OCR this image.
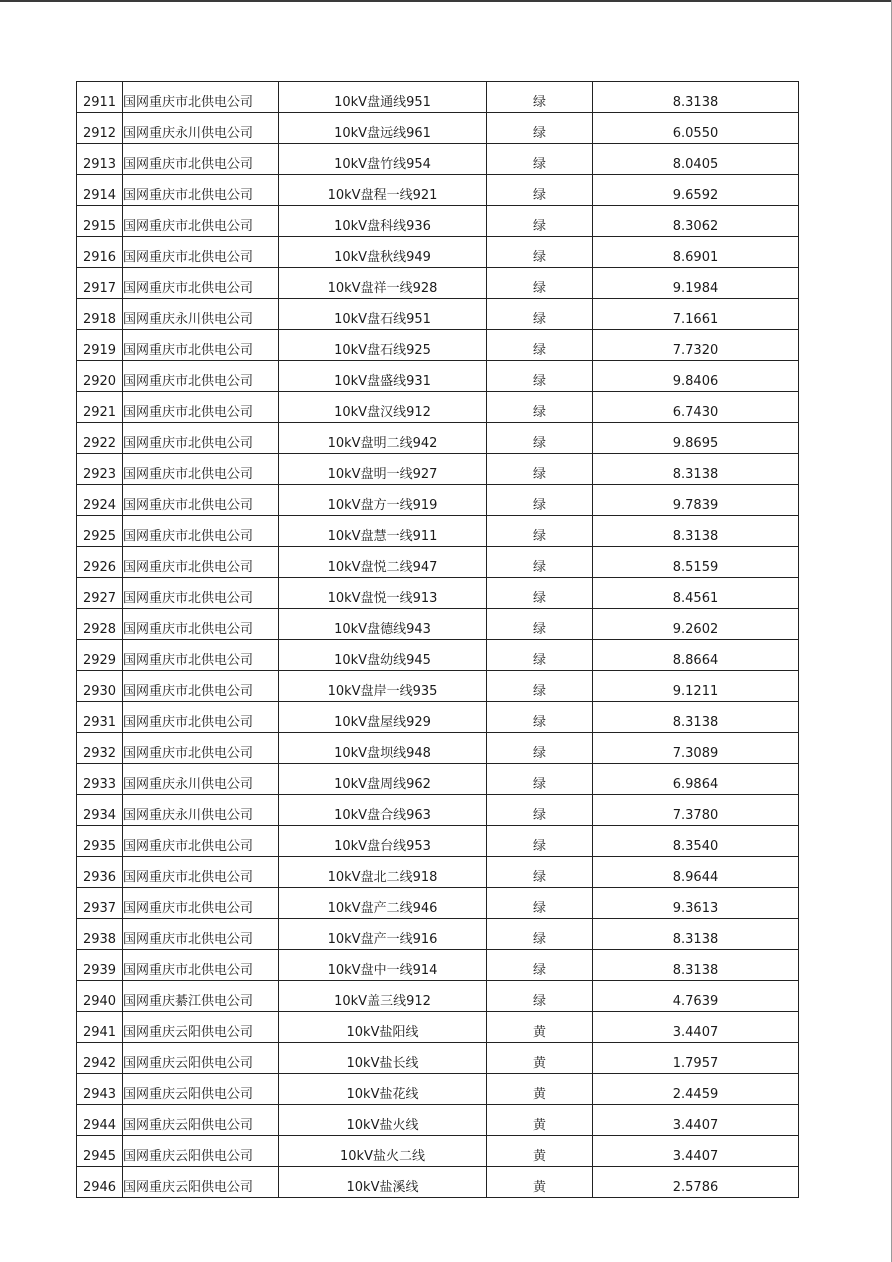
2911	国网重庆市北供电公司	10kV盘通线951	绿	8.3138
2912	国网重庆永川供电公司	10kV盘远线961	绿	6.0550
2913	国网重庆市北供电公司	10kV盘竹线954	绿	8.0405
2914	国网重庆市北供电公司	10kV盘程一线921	绿	9.6592
2915	国网重庆市北供电公司	10kV盘科线936	绿	8.3062
2916	国网重庆市北供电公司	10kV盘秋线949	绿	8.6901
2917	国网重庆市北供电公司	10kV盘祥一线928	绿	9.1984
2918	国网重庆永川供电公司	10kV盘石线951	绿	7.1661
2919	国网重庆市北供电公司	10kV盘石线925	绿	7.7320
2920	国网重庆市北供电公司	10kV盘盛线931	绿	9.8406
2921	国网重庆市北供电公司	10kV盘汉线912	绿	6.7430
2922	国网重庆市北供电公司	10kV盘明二线942	绿	9.8695
2923	国网重庆市北供电公司	10kV盘明一线927	绿	8.3138
2924	国网重庆市北供电公司	10kV盘方一线919	绿	9.7839
2925	国网重庆市北供电公司	10kV盘慧一线911	绿	8.3138
2926	国网重庆市北供电公司	10kV盘悦二线947	绿	8.5159
2927	国网重庆市北供电公司	10kV盘悦一线913	绿	8.4561
2928	国网重庆市北供电公司	10kV盘德线943	绿	9.2602
2929	国网重庆市北供电公司	10kV盘幼线945	绿	8.8664
2930	国网重庆市北供电公司	10kV盘岸一线935	绿	9.1211
2931	国网重庆市北供电公司	10kV盘屋线929	绿	8.3138
2932	国网重庆市北供电公司	10kV盘坝线948	绿	7.3089
2933	国网重庆永川供电公司	10kV盘周线962	绿	6.9864
2934	国网重庆永川供电公司	10kV盘合线963	绿	7.3780
2935	国网重庆市北供电公司	10kV盘台线953	绿	8.3540
2936	国网重庆市北供电公司	10kV盘北二线918	绿	8.9644
2937	国网重庆市北供电公司	10kV盘产二线946	绿	9.3613
2938	国网重庆市北供电公司	10kV盘产一线916	绿	8.3138
2939	国网重庆市北供电公司	10kV盘中一线914	绿	8.3138
2940	国网重庆綦江供电公司	10kV盖三线912	绿	4.7639
2941	国网重庆云阳供电公司	10kV盐阳线	黄	3.4407
2942	国网重庆云阳供电公司	10kV盐长线	黄	1.7957
2943	国网重庆云阳供电公司	10kV盐花线	黄	2.4459
2944	国网重庆云阳供电公司	10kV盐火线	黄	3.4407
2945	国网重庆云阳供电公司	10kV盐火二线	黄	3.4407
2946	国网重庆云阳供电公司	10kV盐溪线	黄	2.5786
